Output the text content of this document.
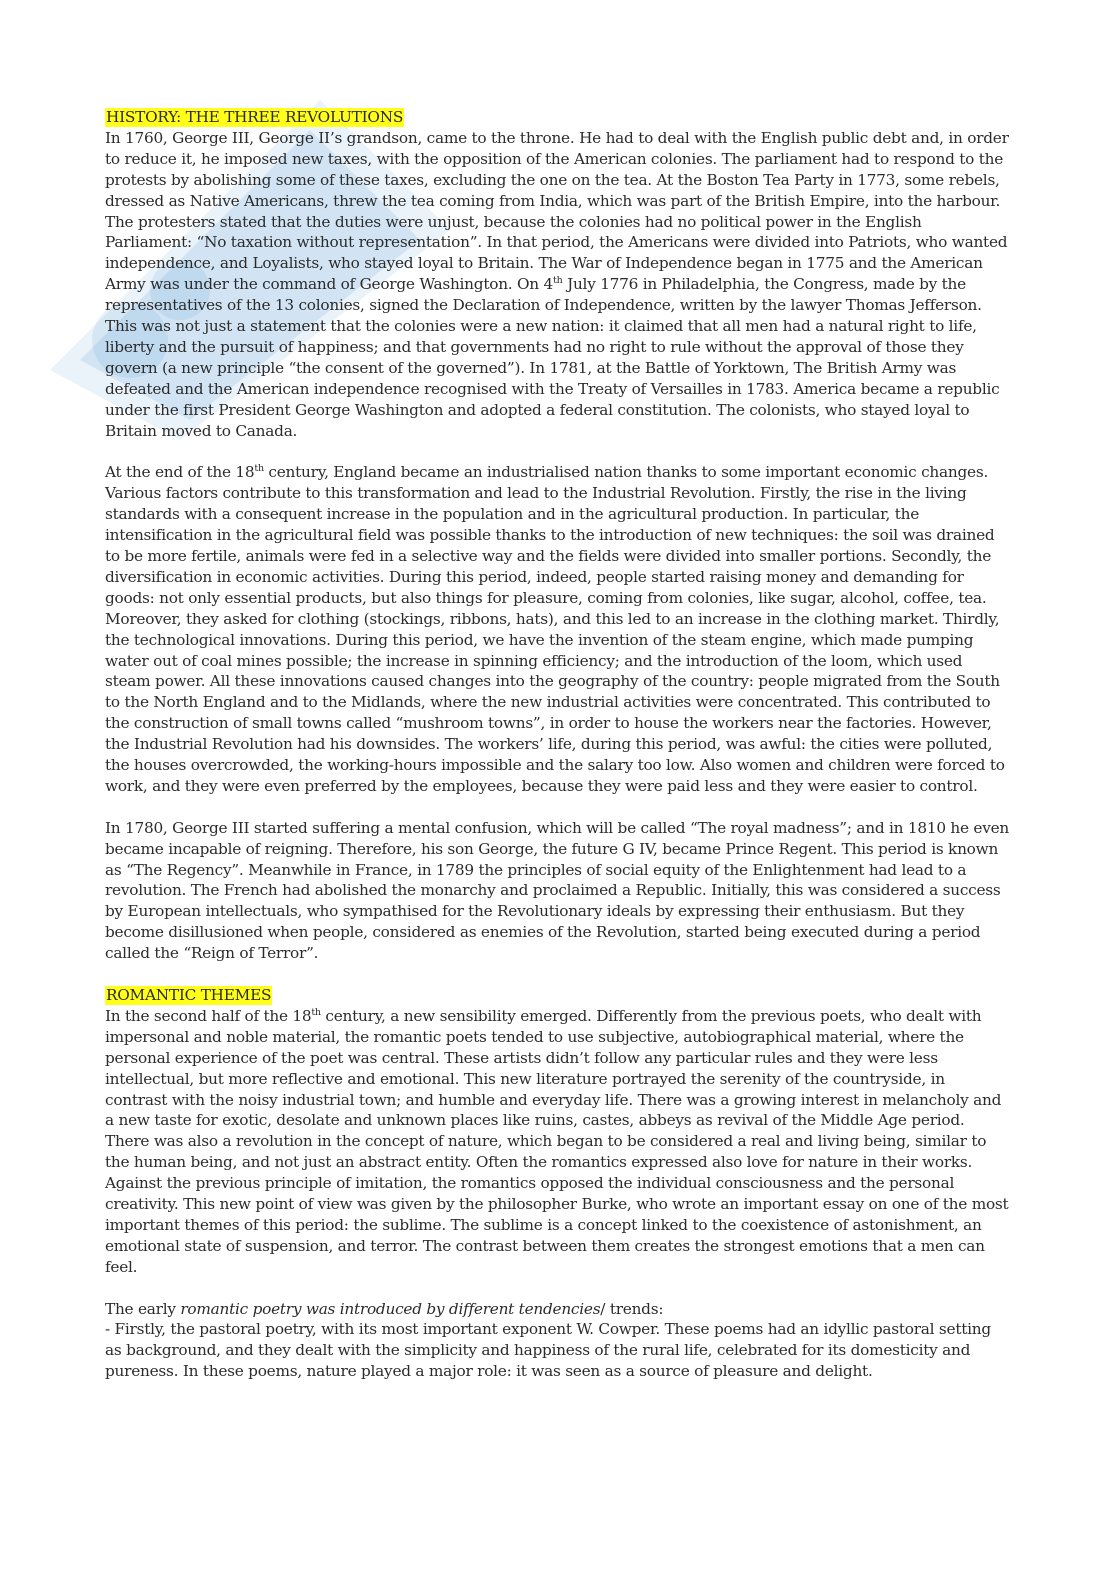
HISTORY: THE THREE REVOLUTIONS

In 1760, George III, George II’s grandson, came to the throne. He had to deal with the English public debt and, in order to reduce it, he imposed new taxes, with the opposition of the American colonies. The parliament had to respond to the protests by abolishing some of these taxes, excluding the one on the tea. At the Boston Tea Party in 1773, some rebels, dressed as Native Americans, threw the tea coming from India, which was part of the British Empire, into the harbour. The protesters stated that the duties were unjust, because the colonies had no political power in the English Parliament: “No taxation without representation”. In that period, the Americans were divided into Patriots, who wanted independence, and Loyalists, who stayed loyal to Britain. The War of Independence began in 1775 and the American Army was under the command of George Washington. On 4th July 1776 in Philadelphia, the Congress, made by the representatives of the 13 colonies, signed the Declaration of Independence, written by the lawyer Thomas Jefferson. This was not just a statement that the colonies were a new nation: it claimed that all men had a natural right to life, liberty and the pursuit of happiness; and that governments had no right to rule without the approval of those they govern (a new principle “the consent of the governed”). In 1781, at the Battle of Yorktown, The British Army was defeated and the American independence recognised with the Treaty of Versailles in 1783. America became a republic under the first President George Washington and adopted a federal constitution. The colonists, who stayed loyal to Britain moved to Canada.

At the end of the 18th century, England became an industrialised nation thanks to some important economic changes. Various factors contribute to this transformation and lead to the Industrial Revolution. Firstly, the rise in the living standards with a consequent increase in the population and in the agricultural production. In particular, the intensification in the agricultural field was possible thanks to the introduction of new techniques: the soil was drained to be more fertile, animals were fed in a selective way and the fields were divided into smaller portions. Secondly, the diversification in economic activities. During this period, indeed, people started raising money and demanding for goods: not only essential products, but also things for pleasure, coming from colonies, like sugar, alcohol, coffee, tea. Moreover, they asked for clothing (stockings, ribbons, hats), and this led to an increase in the clothing market. Thirdly, the technological innovations. During this period, we have the invention of the steam engine, which made pumping water out of coal mines possible; the increase in spinning efficiency; and the introduction of the loom, which used steam power. All these innovations caused changes into the geography of the country: people migrated from the South to the North England and to the Midlands, where the new industrial activities were concentrated. This contributed to the construction of small towns called “mushroom towns”, in order to house the workers near the factories. However, the Industrial Revolution had his downsides. The workers’ life, during this period, was awful: the cities were polluted, the houses overcrowded, the working-hours impossible and the salary too low. Also women and children were forced to work, and they were even preferred by the employees, because they were paid less and they were easier to control.

In 1780, George III started suffering a mental confusion, which will be called “The royal madness”; and in 1810 he even became incapable of reigning. Therefore, his son George, the future G IV, became Prince Regent. This period is known as “The Regency”. Meanwhile in France, in 1789 the principles of social equity of the Enlightenment had lead to a revolution. The French had abolished the monarchy and proclaimed a Republic. Initially, this was considered a success by European intellectuals, who sympathised for the Revolutionary ideals by expressing their enthusiasm. But they become disillusioned when people, considered as enemies of the Revolution, started being executed during a period called the “Reign of Terror”.

ROMANTIC THEMES

In the second half of the 18th century, a new sensibility emerged. Differently from the previous poets, who dealt with impersonal and noble material, the romantic poets tended to use subjective, autobiographical material, where the personal experience of the poet was central. These artists didn’t follow any particular rules and they were less intellectual, but more reflective and emotional. This new literature portrayed the serenity of the countryside, in contrast with the noisy industrial town; and humble and everyday life. There was a growing interest in melancholy and a new taste for exotic, desolate and unknown places like ruins, castes, abbeys as revival of the Middle Age period. There was also a revolution in the concept of nature, which began to be considered a real and living being, similar to the human being, and not just an abstract entity. Often the romantics expressed also love for nature in their works. Against the previous principle of imitation, the romantics opposed the individual consciousness and the personal creativity. This new point of view was given by the philosopher Burke, who wrote an important essay on one of the most important themes of this period: the sublime. The sublime is a concept linked to the coexistence of astonishment, an emotional state of suspension, and terror. The contrast between them creates the strongest emotions that a men can feel.

The early romantic poetry was introduced by different tendencies/ trends:

- Firstly, the pastoral poetry, with its most important exponent W. Cowper. These poems had an idyllic pastoral setting as background, and they dealt with the simplicity and happiness of the rural life, celebrated for its domesticity and pureness. In these poems, nature played a major role: it was seen as a source of pleasure and delight.
